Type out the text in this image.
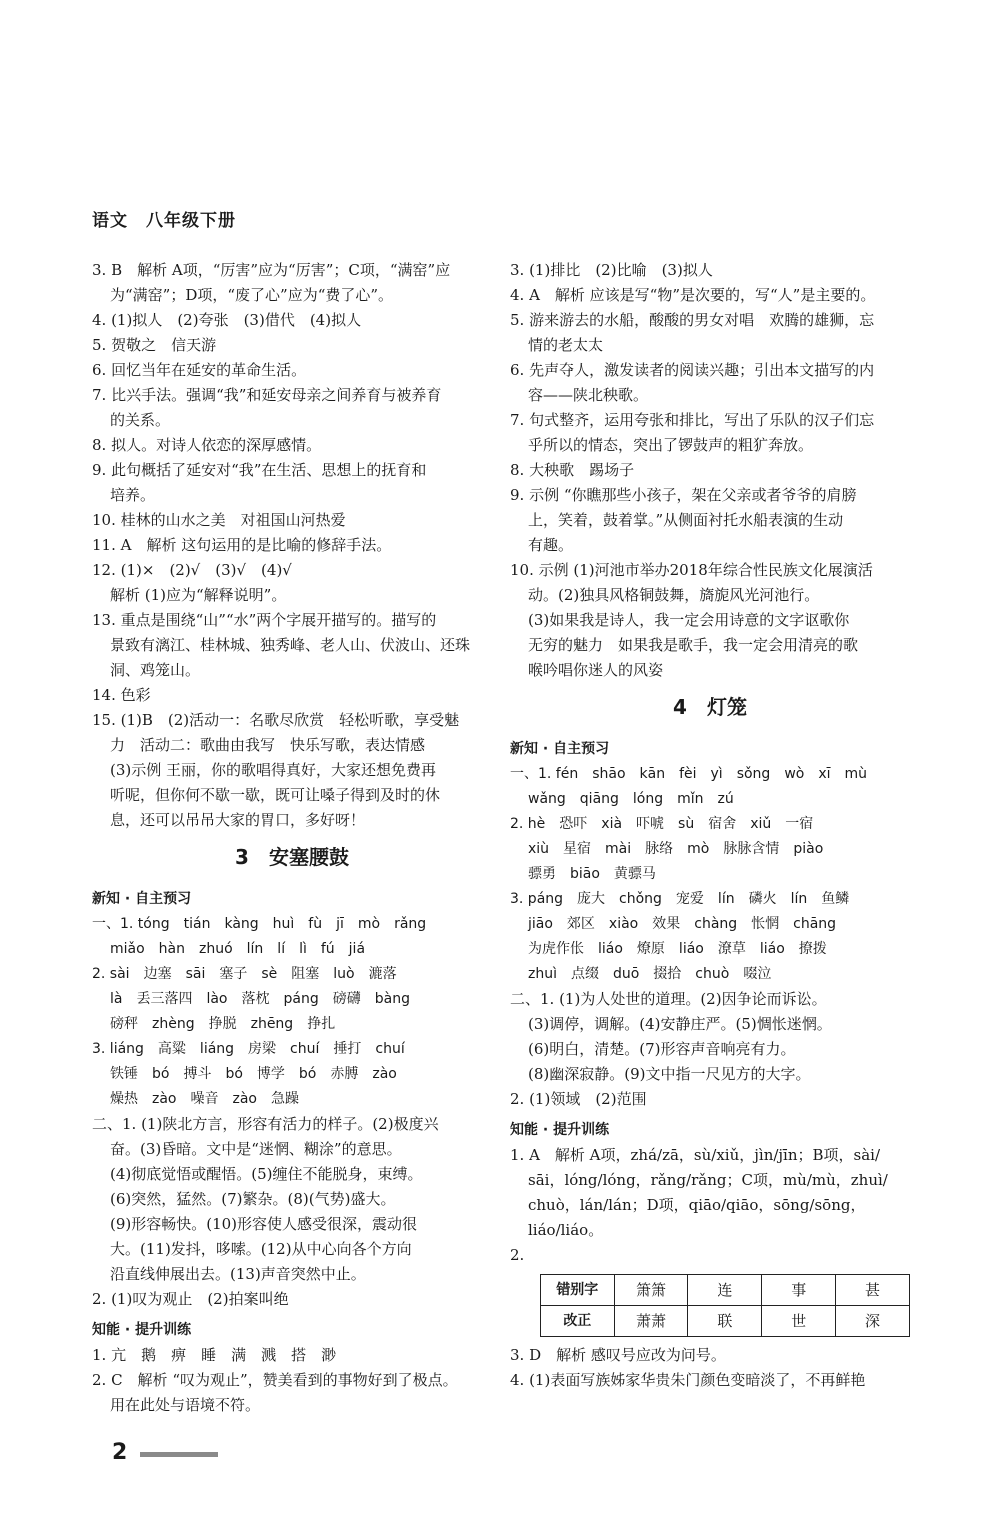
语文　八年级下册
3. B　解析 A项，“厉害”应为“厉害”；C项，“满窑”应
为“满窑”；D项，“废了心”应为“费了心”。
4. (1)拟人　(2)夸张　(3)借代　(4)拟人
5. 贺敬之　信天游
6. 回忆当年在延安的革命生活。
7. 比兴手法。强调“我”和延安母亲之间养育与被养育
的关系。
8. 拟人。对诗人依恋的深厚感情。
9. 此句概括了延安对“我”在生活、思想上的抚育和
培养。
10. 桂林的山水之美　对祖国山河热爱
11. A　解析 这句运用的是比喻的修辞手法。
12. (1)×　(2)√　(3)√　(4)√
解析 (1)应为“解释说明”。
13. 重点是围绕“山”“水”两个字展开描写的。描写的
景致有漓江、桂林城、独秀峰、老人山、伏波山、还珠
洞、鸡笼山。
14. 色彩
15. (1)B　(2)活动一：名歌尽欣赏　轻松听歌，享受魅
力　活动二：歌曲由我写　快乐写歌，表达情感
(3)示例 王丽，你的歌唱得真好，大家还想免费再
听呢，但你何不歇一歇，既可让嗓子得到及时的休
息，还可以吊吊大家的胃口，多好呀！
3　安塞腰鼓
新知 · 自主预习
一、1. tóng　tián　kàng　huì　fù　jī　mò　rǎng
miǎo　hàn　zhuó　lín　lí　lì　fú　jiá
2. sài　边塞　sāi　塞子　sè　阻塞　luò　漉落
là　丢三落四　lào　落枕　páng　磅礴　bàng
磅秤　zhèng　挣脱　zhēng　挣扎
3. liáng　高粱　liáng　房梁　chuí　捶打　chuí
铁锤　bó　搏斗　bó　博学　bó　赤膊　zào
燥热　zào　噪音　zào　急躁
二、1. (1)陕北方言，形容有活力的样子。(2)极度兴
奋。(3)昏暗。文中是“迷惘、糊涂”的意思。
(4)彻底觉悟或醒悟。(5)缠住不能脱身，束缚。
(6)突然，猛然。(7)繁杂。(8)(气势)盛大。
(9)形容畅快。(10)形容使人感受很深，震动很
大。(11)发抖，哆嗦。(12)从中心向各个方向
沿直线伸展出去。(13)声音突然中止。
2. (1)叹为观止　(2)拍案叫绝
知能 · 提升训练
1. 亢　鹅　痹　睡　满　溅　搭　渺
2. C　解析 “叹为观止”，赞美看到的事物好到了极点。
用在此处与语境不符。
3. (1)排比　(2)比喻　(3)拟人
4. A　解析 应该是写“物”是次要的，写“人”是主要的。
5. 游来游去的水船，酸酸的男女对唱　欢腾的雄狮，忘
情的老太太
6. 先声夺人，激发读者的阅读兴趣；引出本文描写的内
容——陕北秧歌。
7. 句式整齐，运用夸张和排比，写出了乐队的汉子们忘
乎所以的情态，突出了锣鼓声的粗犷奔放。
8. 大秧歌　踢场子
9. 示例 “你瞧那些小孩子，架在父亲或者爷爷的肩膀
上，笑着，鼓着掌。”从侧面衬托水船表演的生动
有趣。
10. 示例 (1)河池市举办2018年综合性民族文化展演活
动。(2)独具风格铜鼓舞，旖旎风光河池行。
(3)如果我是诗人，我一定会用诗意的文字讴歌你
无穷的魅力　如果我是歌手，我一定会用清亮的歌
喉吟唱你迷人的风姿
4　灯笼
新知 · 自主预习
一、1. fén　shāo　kān　fèi　yì　sǒng　wò　xī　mù
wǎng　qiāng　lóng　mǐn　zú
2. hè　恐吓　xià　吓唬　sù　宿舍　xiǔ　一宿
xiù　星宿　mài　脉络　mò　脉脉含情　piào
骠勇　biāo　黄骠马
3. páng　庞大　chǒng　宠爱　lín　磷火　lín　鱼鳞
jiāo　郊区　xiào　效果　chàng　怅惘　chāng
为虎作伥　liáo　燎原　liáo　潦草　liáo　撩拨
zhuì　点缀　duō　掇拾　chuò　啜泣
二、1. (1)为人处世的道理。(2)因争论而诉讼。
(3)调停，调解。(4)安静庄严。(5)惆怅迷惘。
(6)明白，清楚。(7)形容声音响亮有力。
(8)幽深寂静。(9)文中指一尺见方的大字。
2. (1)领域　(2)范围
知能 · 提升训练
1. A　解析 A项，zhá/zā，sù/xiǔ，jìn/jīn；B项，sài/
sāi，lóng/lóng，rǎng/rǎng；C项，mù/mù，zhuì/
chuò，lán/lán；D项，qiāo/qiāo，sōng/sōng，
liáo/liáo。
2.
错别字	箫箫	连	事	甚
改正	萧萧	联	世	深
3. D　解析 感叹号应改为问号。
4. (1)表面写族姊家华贵朱门颜色变暗淡了，不再鲜艳
2
